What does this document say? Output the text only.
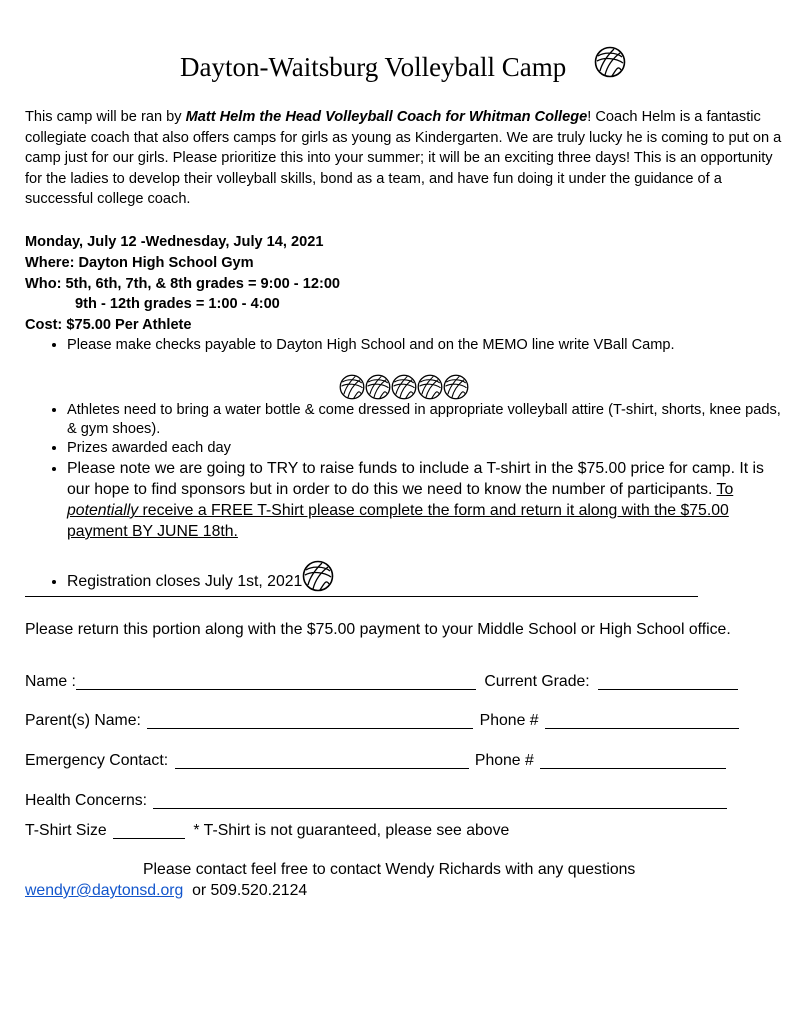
Dayton-Waitsburg Volleyball Camp
This camp will be ran by Matt Helm the Head Volleyball Coach for Whitman College! Coach Helm is a fantastic collegiate coach that also offers camps for girls as young as Kindergarten. We are truly lucky he is coming to put on a camp just for our girls. Please prioritize this into your summer; it will be an exciting three days! This is an opportunity for the ladies to develop their volleyball skills, bond as a team, and have fun doing it under the guidance of a successful college coach.
Monday, July 12 -Wednesday, July 14, 2021
Where: Dayton High School Gym
Who: 5th, 6th, 7th, & 8th grades = 9:00 - 12:00
9th - 12th grades = 1:00 - 4:00
Cost: $75.00 Per Athlete
• Please make checks payable to Dayton High School and on the MEMO line write VBall Camp.
• Athletes need to bring a water bottle & come dressed in appropriate volleyball attire (T-shirt, shorts, knee pads, & gym shoes).
• Prizes awarded each day
• Please note we are going to TRY to raise funds to include a T-shirt in the $75.00 price for camp. It is our hope to find sponsors but in order to do this we need to know the number of participants. To potentially receive a FREE T-Shirt please complete the form and return it along with the $75.00 payment BY JUNE 18th.
• Registration closes July 1st, 2021
Please return this portion along with the $75.00 payment to your Middle School or High School office.
Name :	Current Grade:
Parent(s) Name:	Phone #
Emergency Contact:	Phone #
Health Concerns:
T-Shirt Size	* T-Shirt is not guaranteed, please see above
Please contact feel free to contact Wendy Richards with any questions
wendyr@daytonsd.org  or 509.520.2124
